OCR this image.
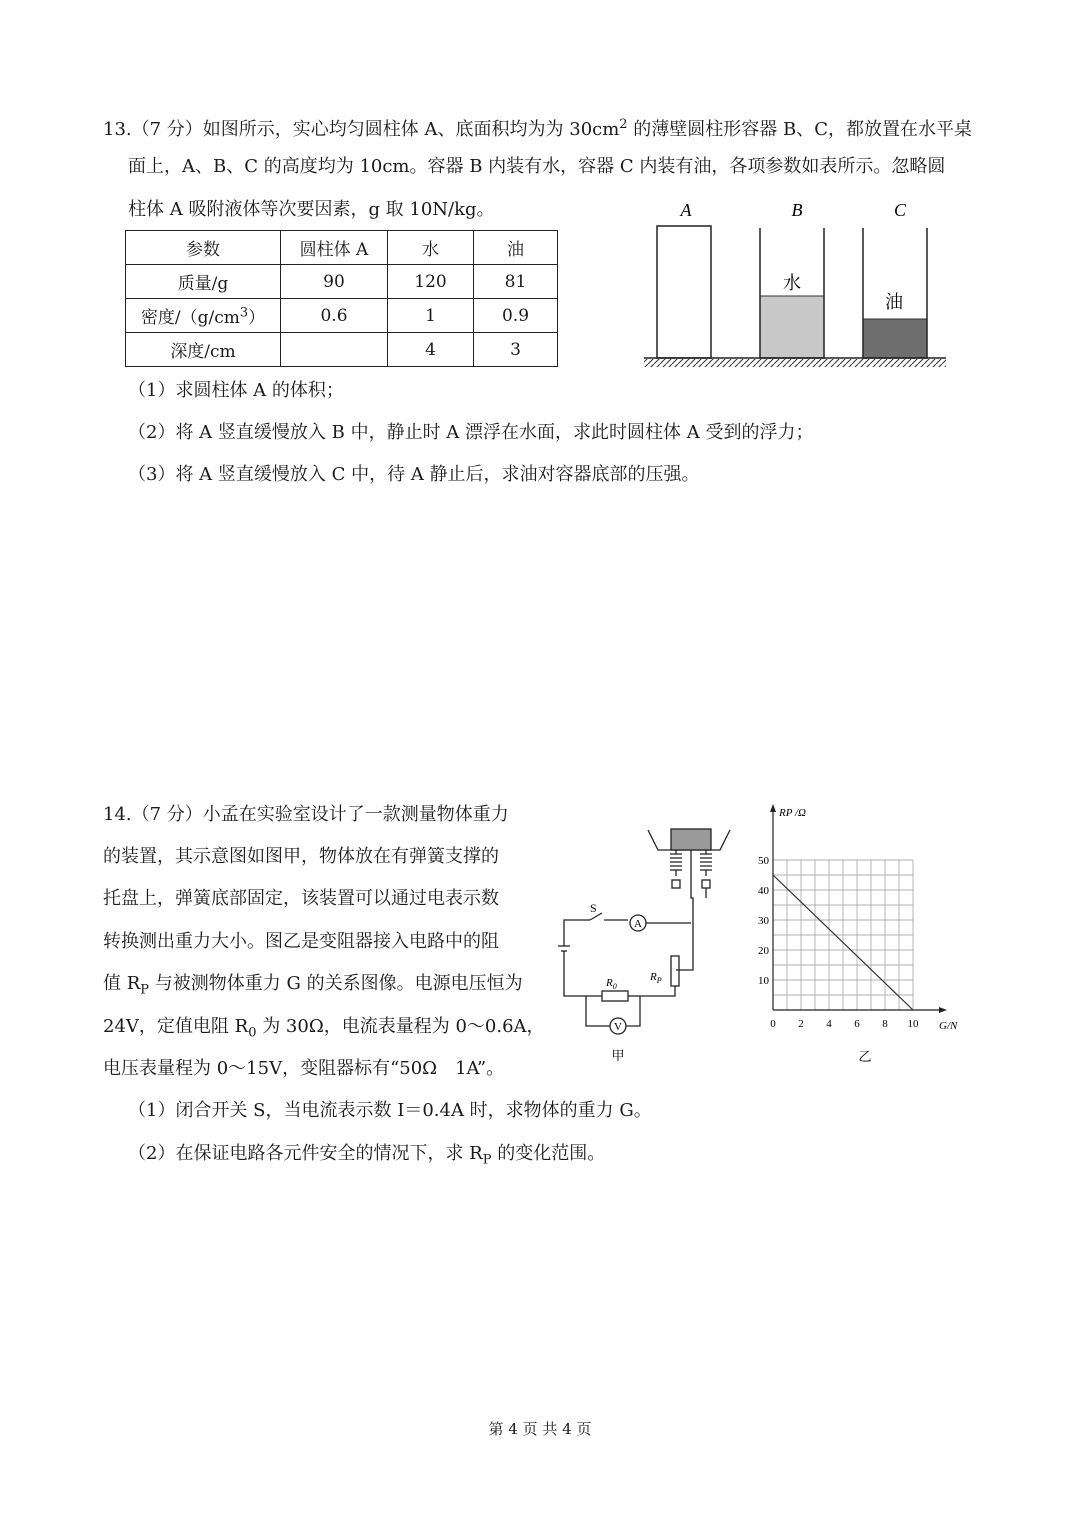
13.（7 分）如图所示，实心均匀圆柱体 A、底面积均为为 $30cm^2$ 的薄壁圆柱形容器 B、C，都放置在水平桌
面上，A、B、C 的高度均为 10cm。容器 B 内装有水，容器 C 内装有油，各项参数如表所示。忽略圆
柱体 A 吸附液体等次要因素，g 取 10N/kg。
参数	圆柱体 A	水	油
质量/g	90	120	81
密度$/(g/cm^3)$	0.6	1	0.9
深度/cm		4	3
A	B	C
水
油
（1）求圆柱体 A 的体积；
（2）将 A 竖直缓慢放入 B 中，静止时 A 漂浮在水面，求此时圆柱体 A 受到的浮力；
（3）将 A 竖直缓慢放入 C 中，待 A 静止后，求油对容器底部的压强。
14.（7 分）小孟在实验室设计了一款测量物体重力
的装置，其示意图如图甲，物体放在有弹簧支撑的
托盘上，弹簧底部固定，该装置可以通过电表示数
转换测出重力大小。图乙是变阻器接入电路中的阻
值 $R_P$ 与被测物体重力 G 的关系图像。电源电压恒为
24V，定值电阻 $R_0$ 为 30Ω，电流表量程为 0～0.6A，
电压表量程为 0～15V，变阻器标有“50Ω　1A”。
S
A
V
$R_0$
$R_P$
甲
RP /Ω
G/N
0 2 4 6 8 10
10
20
30
40
50
乙
（1）闭合开关 S，当电流表示数 I＝0.4A 时，求物体的重力 G。
（2）在保证电路各元件安全的情况下，求 $R_P$ 的变化范围。
第 4 页 共 4 页
